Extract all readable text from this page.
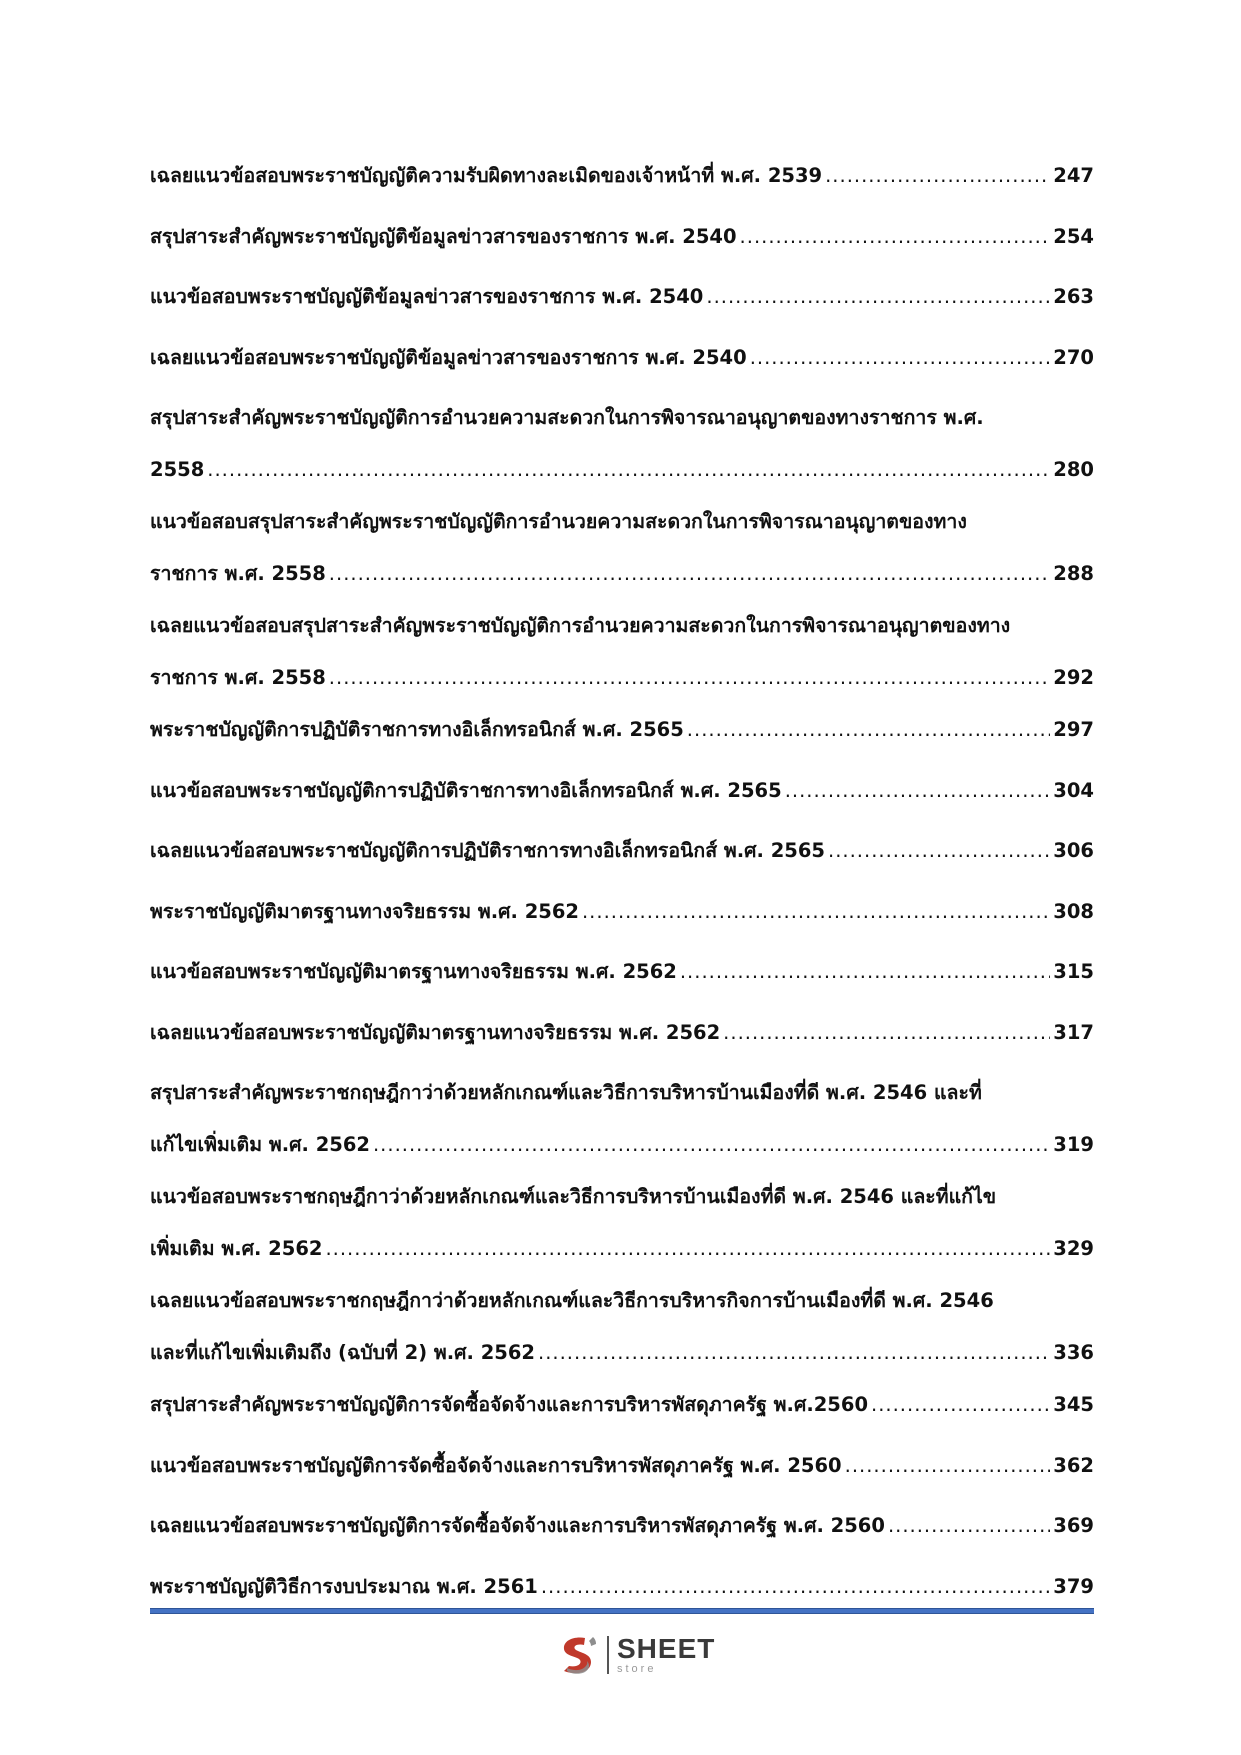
เฉลยแนวข้อสอบพระราชบัญญัติความรับผิดทางละเมิดของเจ้าหน้าที่ พ.ศ. 2539 .....	247
สรุปสาระสำคัญพระราชบัญญัติข้อมูลข่าวสารของราชการ พ.ศ. 2540 .....	254
แนวข้อสอบพระราชบัญญัติข้อมูลข่าวสารของราชการ พ.ศ. 2540 .....	263
เฉลยแนวข้อสอบพระราชบัญญัติข้อมูลข่าวสารของราชการ พ.ศ. 2540 .....	270
สรุปสาระสำคัญพระราชบัญญัติการอำนวยความสะดวกในการพิจารณาอนุญาตของทางราชการ พ.ศ.
2558 .....	280
แนวข้อสอบสรุปสาระสำคัญพระราชบัญญัติการอำนวยความสะดวกในการพิจารณาอนุญาตของทาง
ราชการ พ.ศ. 2558 .....	288
เฉลยแนวข้อสอบสรุปสาระสำคัญพระราชบัญญัติการอำนวยความสะดวกในการพิจารณาอนุญาตของทาง
ราชการ พ.ศ. 2558 .....	292
พระราชบัญญัติการปฏิบัติราชการทางอิเล็กทรอนิกส์ พ.ศ. 2565 .....	297
แนวข้อสอบพระราชบัญญัติการปฏิบัติราชการทางอิเล็กทรอนิกส์ พ.ศ. 2565 .....	304
เฉลยแนวข้อสอบพระราชบัญญัติการปฏิบัติราชการทางอิเล็กทรอนิกส์ พ.ศ. 2565 .....	306
พระราชบัญญัติมาตรฐานทางจริยธรรม พ.ศ. 2562 .....	308
แนวข้อสอบพระราชบัญญัติมาตรฐานทางจริยธรรม พ.ศ. 2562 .....	315
เฉลยแนวข้อสอบพระราชบัญญัติมาตรฐานทางจริยธรรม พ.ศ. 2562 .....	317
สรุปสาระสำคัญพระราชกฤษฎีกาว่าด้วยหลักเกณฑ์และวิธีการบริหารบ้านเมืองที่ดี พ.ศ. 2546 และที่
แก้ไขเพิ่มเติม พ.ศ. 2562 .....	319
แนวข้อสอบพระราชกฤษฎีกาว่าด้วยหลักเกณฑ์และวิธีการบริหารบ้านเมืองที่ดี พ.ศ. 2546 และที่แก้ไข
เพิ่มเติม พ.ศ. 2562 .....	329
เฉลยแนวข้อสอบพระราชกฤษฎีกาว่าด้วยหลักเกณฑ์และวิธีการบริหารกิจการบ้านเมืองที่ดี พ.ศ. 2546
และที่แก้ไขเพิ่มเติมถึง (ฉบับที่ 2) พ.ศ. 2562 .....	336
สรุปสาระสำคัญพระราชบัญญัติการจัดซื้อจัดจ้างและการบริหารพัสดุภาครัฐ พ.ศ.2560 .....	345
แนวข้อสอบพระราชบัญญัติการจัดซื้อจัดจ้างและการบริหารพัสดุภาครัฐ พ.ศ. 2560 .....	362
เฉลยแนวข้อสอบพระราชบัญญัติการจัดซื้อจัดจ้างและการบริหารพัสดุภาครัฐ พ.ศ. 2560 .....	369
พระราชบัญญัติวิธีการงบประมาณ พ.ศ. 2561 .....	379
SHEET
store
